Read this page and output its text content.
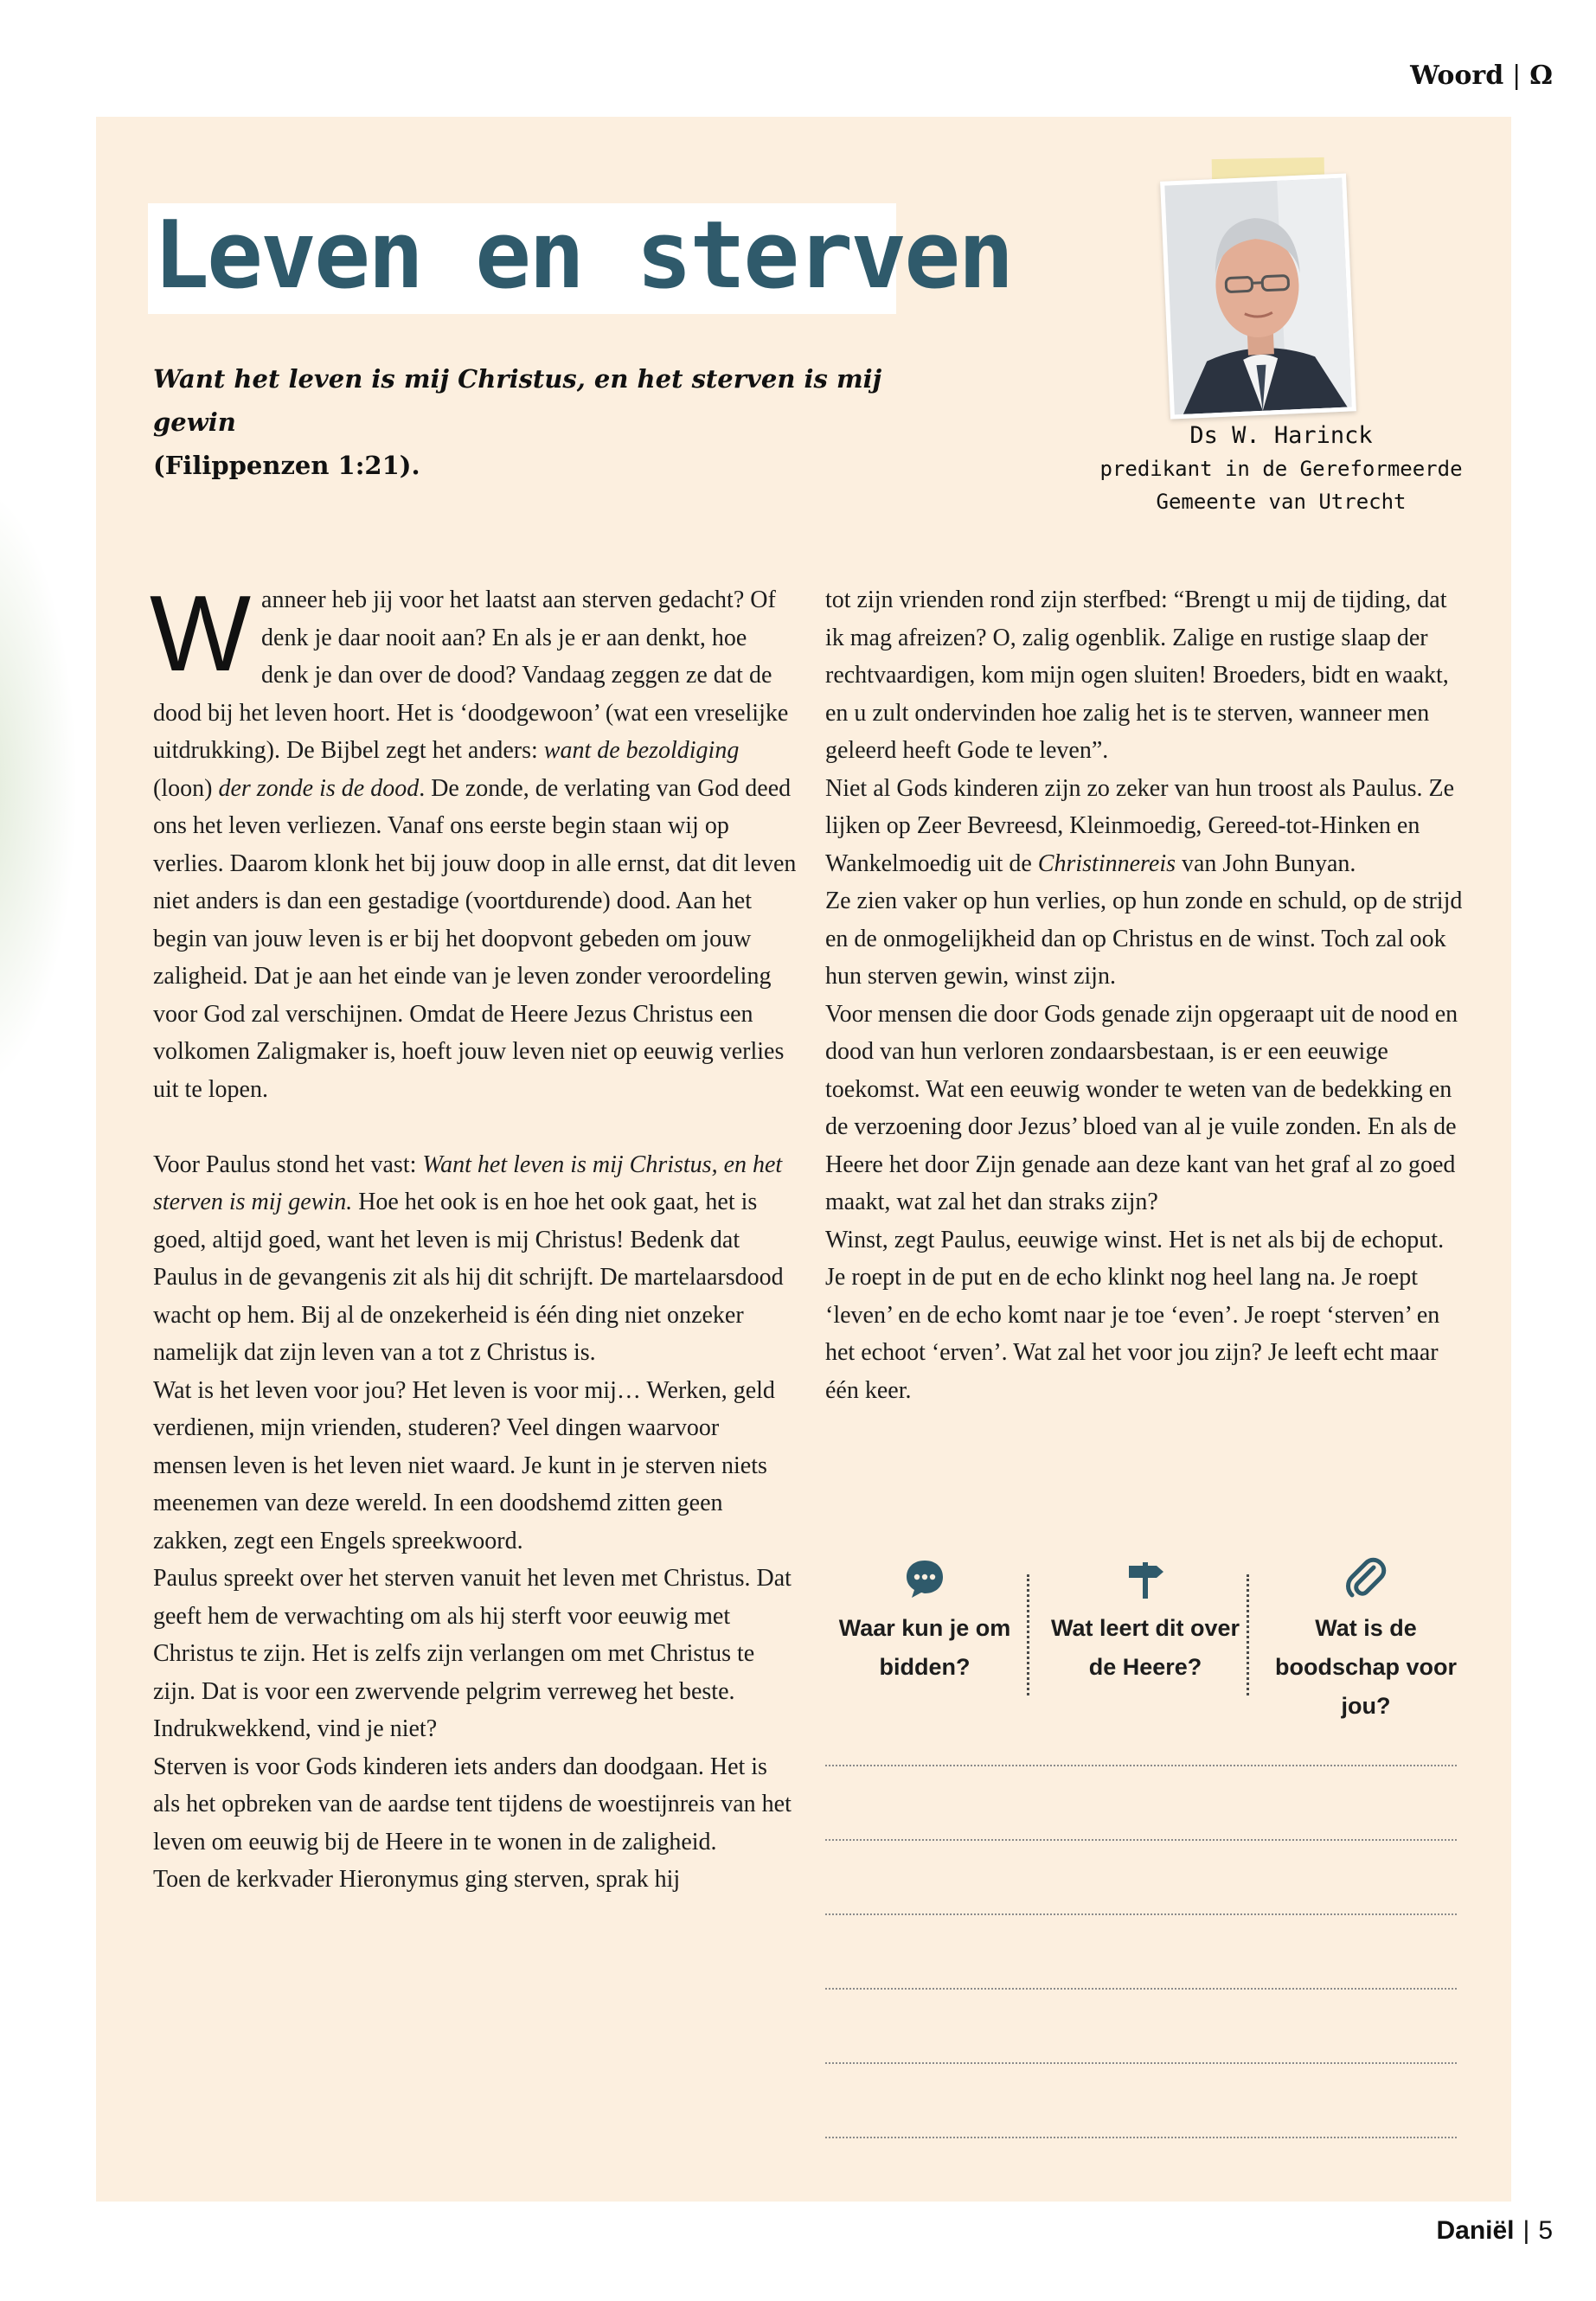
Woord | Ω
Leven en sterven

Want het leven is mij Christus, en het sterven is mij gewin
(Filippenzen 1:21).

Ds W. Harinck
predikant in de Gereformeerde Gemeente van Utrecht

Wanneer heb jij voor het laatst aan sterven gedacht? Of denk je daar nooit aan? En als je er aan denkt, hoe denk je dan over de dood? Vandaag zeggen ze dat de dood bij het leven hoort. Het is ‘doodgewoon’ (wat een vreselijke uitdrukking). De Bijbel zegt het anders: want de bezoldiging (loon) der zonde is de dood. De zonde, de verlating van God deed ons het leven verliezen. Vanaf ons eerste begin staan wij op verlies. Daarom klonk het bij jouw doop in alle ernst, dat dit leven niet anders is dan een gestadige (voortdurende) dood. Aan het begin van jouw leven is er bij het doopvont gebeden om jouw zaligheid. Dat je aan het einde van je leven zonder veroordeling voor God zal verschijnen. Omdat de Heere Jezus Christus een volkomen Zaligmaker is, hoeft jouw leven niet op eeuwig verlies uit te lopen.

Voor Paulus stond het vast: Want het leven is mij Christus, en het sterven is mij gewin. Hoe het ook is en hoe het ook gaat, het is goed, altijd goed, want het leven is mij Christus! Bedenk dat Paulus in de gevangenis zit als hij dit schrijft. De martelaarsdood wacht op hem. Bij al de onzekerheid is één ding niet onzeker namelijk dat zijn leven van a tot z Christus is.

Wat is het leven voor jou? Het leven is voor mij… Werken, geld verdienen, mijn vrienden, studeren? Veel dingen waarvoor mensen leven is het leven niet waard. Je kunt in je sterven niets meenemen van deze wereld. In een doodshemd zitten geen zakken, zegt een Engels spreekwoord.

Paulus spreekt over het sterven vanuit het leven met Christus. Dat geeft hem de verwachting om als hij sterft voor eeuwig met Christus te zijn. Het is zelfs zijn verlangen om met Christus te zijn. Dat is voor een zwervende pelgrim verreweg het beste. Indrukwekkend, vind je niet?

Sterven is voor Gods kinderen iets anders dan doodgaan. Het is als het opbreken van de aardse tent tijdens de woestijnreis van het leven om eeuwig bij de Heere in te wonen in de zaligheid.

Toen de kerkvader Hieronymus ging sterven, sprak hij

tot zijn vrienden rond zijn sterfbed: “Brengt u mij de tijding, dat ik mag afreizen? O, zalig ogenblik. Zalige en rustige slaap der rechtvaardigen, kom mijn ogen sluiten! Broeders, bidt en waakt, en u zult ondervinden hoe zalig het is te sterven, wanneer men geleerd heeft Gode te leven”.

Niet al Gods kinderen zijn zo zeker van hun troost als Paulus. Ze lijken op Zeer Bevreesd, Kleinmoedig, Gereed-tot-Hinken en Wankelmoedig uit de Christinnereis van John Bunyan.

Ze zien vaker op hun verlies, op hun zonde en schuld, op de strijd en de onmogelijkheid dan op Christus en de winst. Toch zal ook hun sterven gewin, winst zijn.

Voor mensen die door Gods genade zijn opgeraapt uit de nood en dood van hun verloren zondaarsbestaan, is er een eeuwige toekomst. Wat een eeuwig wonder te weten van de bedekking en de verzoening door Jezus’ bloed van al je vuile zonden. En als de Heere het door Zijn genade aan deze kant van het graf al zo goed maakt, wat zal het dan straks zijn?

Winst, zegt Paulus, eeuwige winst. Het is net als bij de echoput. Je roept in de put en de echo klinkt nog heel lang na. Je roept ‘leven’ en de echo komt naar je toe ‘even’. Je roept ‘sterven’ en het echoot ‘erven’. Wat zal het voor jou zijn? Je leeft echt maar één keer.

Waar kun je om bidden?
Wat leert dit over de Heere?
Wat is de boodschap voor jou?
Daniël | 5
